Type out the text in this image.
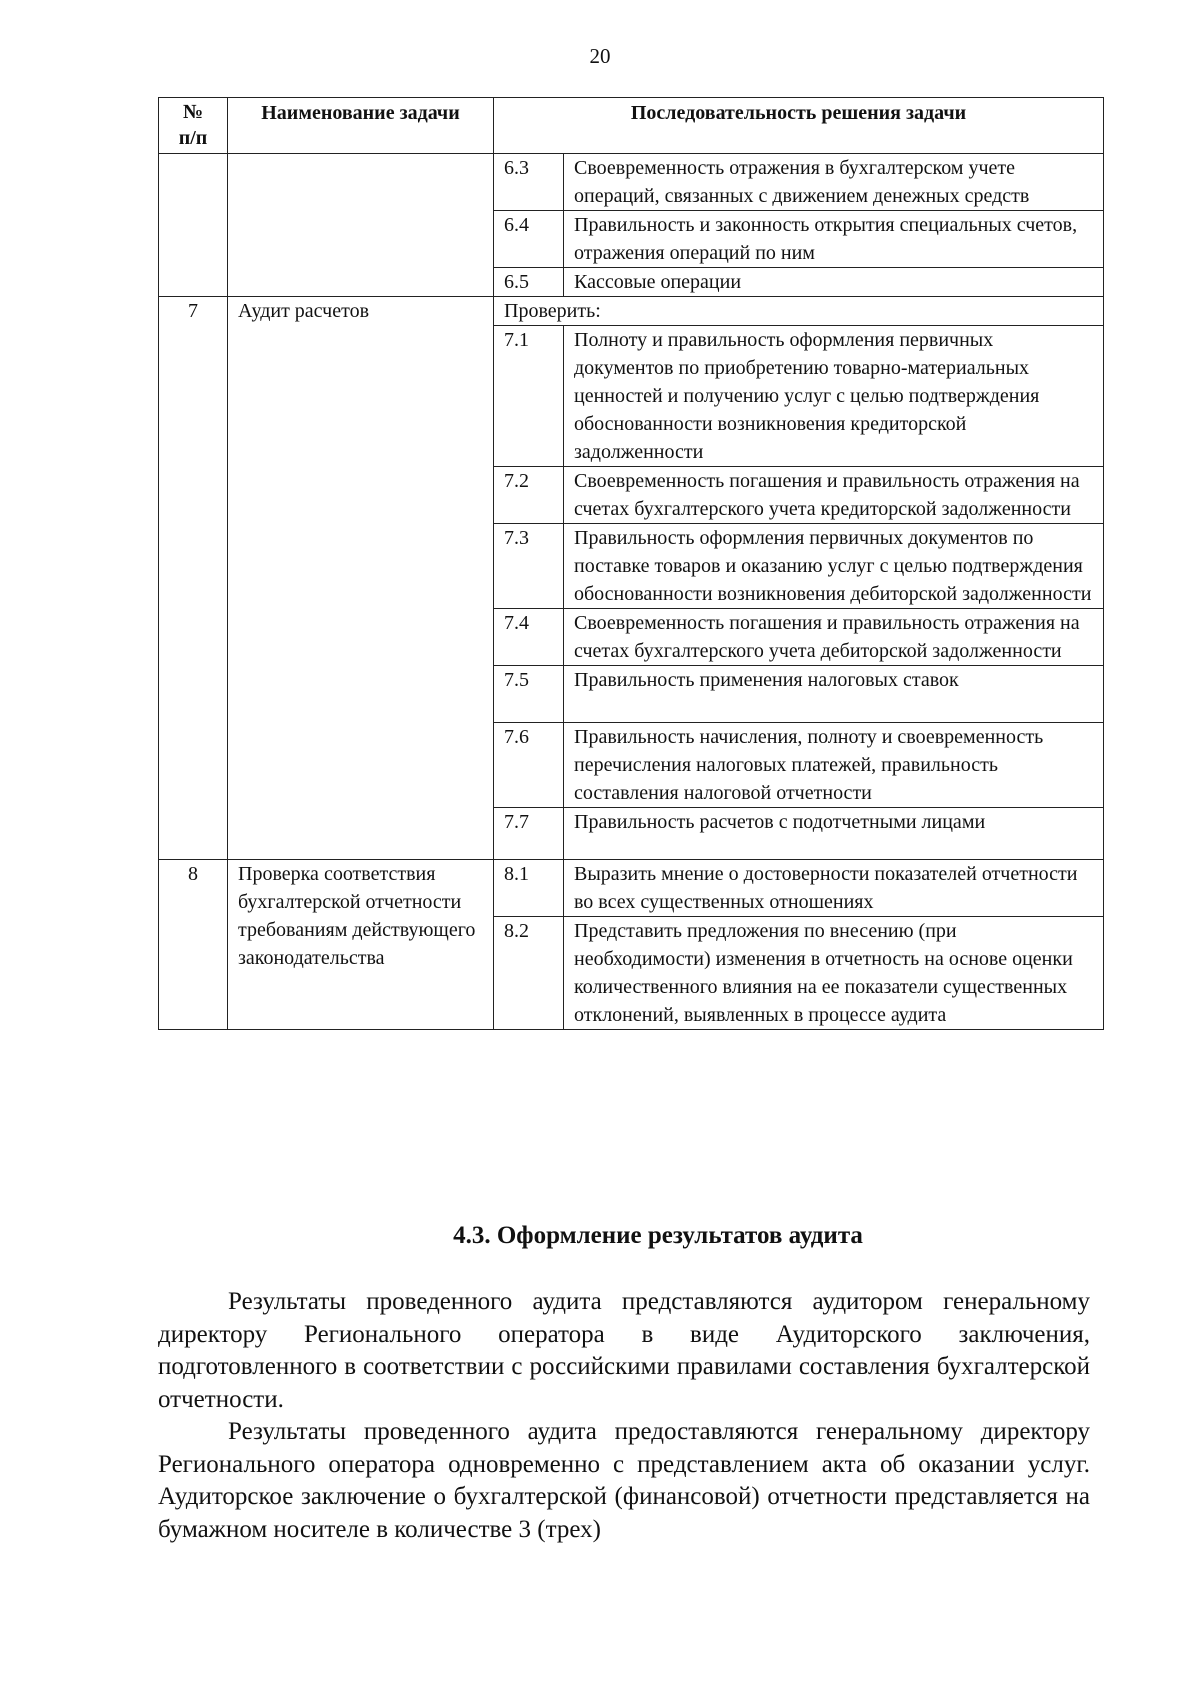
20
№
п/п	Наименование задачи	Последовательность решения задачи	
		6.3	Своевременность отражения в бухгалтерском учете операций, связанных с движением денежных средств
		6.4	Правильность и законность открытия специальных счетов, отражения операций по ним
		6.5	Кассовые операции
7	Аудит расчетов	Проверить:	
		7.1	Полноту и правильность оформления первичных документов по приобретению товарно-материальных ценностей и получению услуг с целью подтверждения обоснованности возникновения кредиторской задолженности
		7.2	Своевременность погашения и правильность отражения на счетах бухгалтерского учета кредиторской задолженности
		7.3	Правильность оформления первичных документов по поставке товаров и оказанию услуг с целью подтверждения обоснованности возникновения дебиторской задолженности
		7.4	Своевременность погашения и правильность отражения на счетах бухгалтерского учета дебиторской задолженности
		7.5	Правильность применения налоговых ставок
		7.6	Правильность начисления, полноту и своевременность перечисления налоговых платежей, правильность составления налоговой отчетности
		7.7	Правильность расчетов с подотчетными лицами
8	Проверка соответствия бухгалтерской отчетности требованиям действующего законодательства	8.1	Выразить мнение о достоверности показателей отчетности во всех существенных отношениях
		8.2	Представить предложения по внесению (при необходимости) изменения в отчетность на основе оценки количественного влияния на ее показатели существенных отклонений, выявленных в процессе аудита
4.3. Оформление результатов аудита

Результаты проведенного аудита представляются аудитором генеральному директору Регионального оператора в виде Аудиторского заключения, подготовленного в соответствии с российскими правилами составления бухгалтерской отчетности.

Результаты проведенного аудита предоставляются генеральному директору Регионального оператора одновременно с представлением акта об оказании услуг. Аудиторское заключение о бухгалтерской (финансовой) отчетности представляется на бумажном носителе в количестве 3 (трех)
